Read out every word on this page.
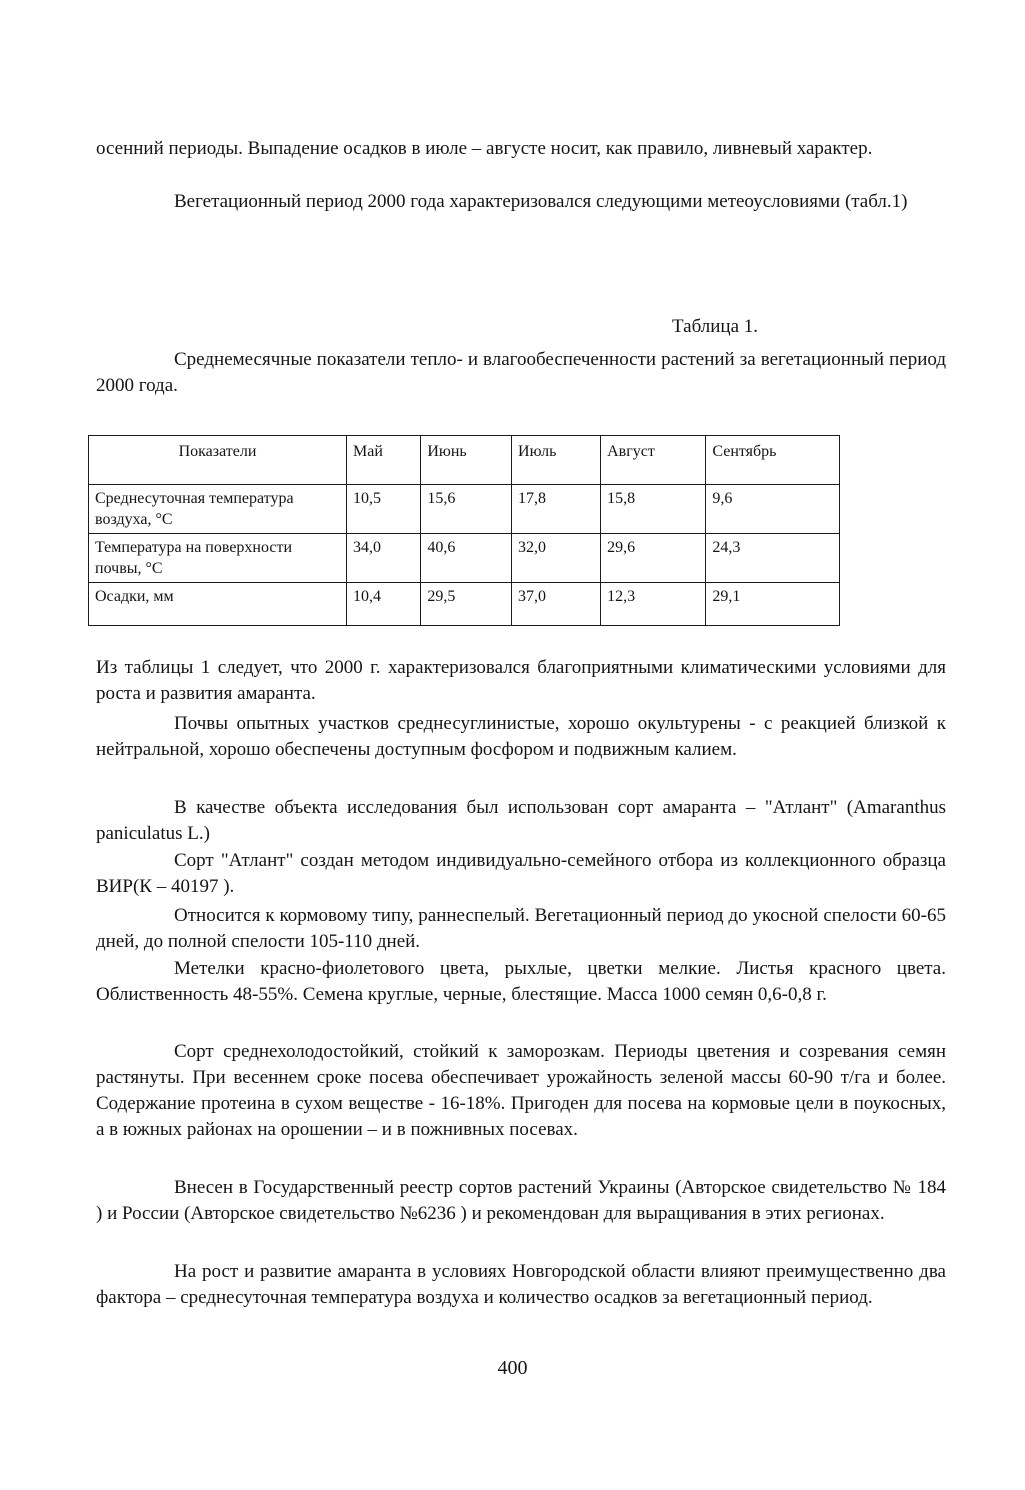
осенний периоды. Выпадение осадков в июле – августе носит, как правило, ливневый характер.

Вегетационный период 2000 года характеризовался следующими метеоусловиями (табл.1)

Таблица 1.

Среднемесячные показатели тепло- и влагообеспеченности растений за вегетационный период 2000 года.

Показатели	Май	Июнь	Июль	Август	Сентябрь
Среднесуточная температура воздуха, °С	10,5	15,6	17,8	15,8	9,6
Температура на поверхности почвы, °С	34,0	40,6	32,0	29,6	24,3
Осадки, мм	10,4	29,5	37,0	12,3	29,1

Из таблицы 1 следует, что 2000 г. характеризовался благоприятными климатическими условиями для роста и развития амаранта.

Почвы опытных участков среднесуглинистые, хорошо окультурены - с реакцией близкой к нейтральной, хорошо обеспечены доступным фосфором и подвижным калием.

В качестве объекта исследования был использован сорт амаранта – "Атлант" (Amaranthus paniculatus L.)

Сорт "Атлант" создан методом индивидуально-семейного отбора из коллекционного образца ВИР(К – 40197 ).

Относится к кормовому типу, раннеспелый. Вегетационный период до укосной спелости 60-65 дней, до полной спелости 105-110 дней.

Метелки красно-фиолетового цвета, рыхлые, цветки мелкие. Листья красного цвета. Облиственность 48-55%. Семена круглые, черные, блестящие. Масса 1000 семян 0,6-0,8 г.

Сорт среднехолодостойкий, стойкий к заморозкам. Периоды цветения и созревания семян растянуты. При весеннем сроке посева обеспечивает урожайность зеленой массы 60-90 т/га и более. Содержание протеина в сухом веществе - 16-18%. Пригоден для посева на кормовые цели в поукосных, а в южных районах на орошении – и в пожнивных посевах.

Внесен в Государственный реестр сортов растений Украины (Авторское свидетельство № 184 ) и России (Авторское свидетельство №6236 ) и рекомендован для выращивания в этих регионах.

На рост и развитие амаранта в условиях Новгородской области влияют преимущественно два фактора – среднесуточная температура воздуха и количество осадков за вегетационный период.

400
